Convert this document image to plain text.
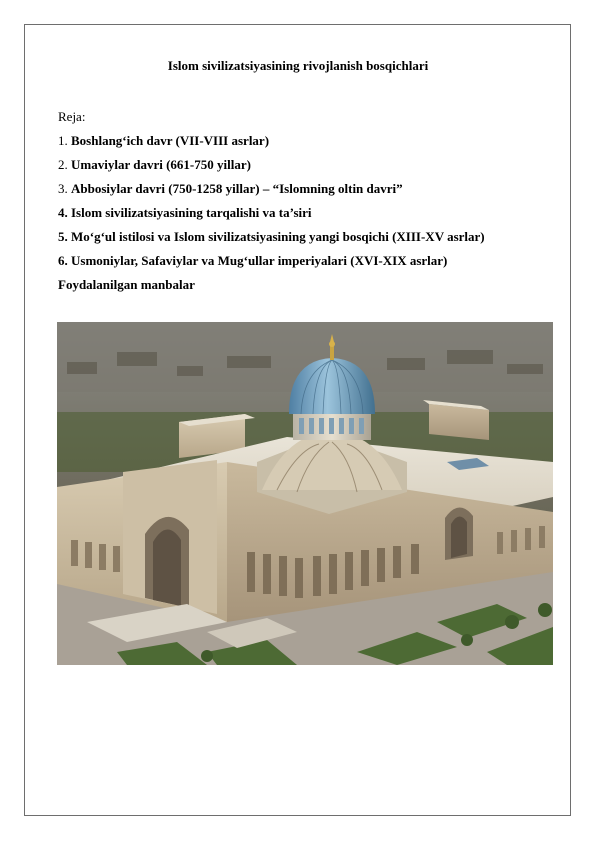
Islom sivilizatsiyasining rivojlanish bosqichlari
Reja:
1. Boshlang‘ich davr (VII-VIII asrlar)
2. Umaviylar davri (661-750 yillar)
3. Abbosiylar davri (750-1258 yillar) – “Islomning oltin davri”
4. Islom sivilizatsiyasining tarqalishi va ta’siri
5. Mo‘g‘ul istilosi va Islom sivilizatsiyasining yangi bosqichi (XIII-XV asrlar)
6. Usmoniylar, Safaviylar va Mug‘ullar imperiyalari (XVI-XIX asrlar)
Foydalanilgan manbalar
